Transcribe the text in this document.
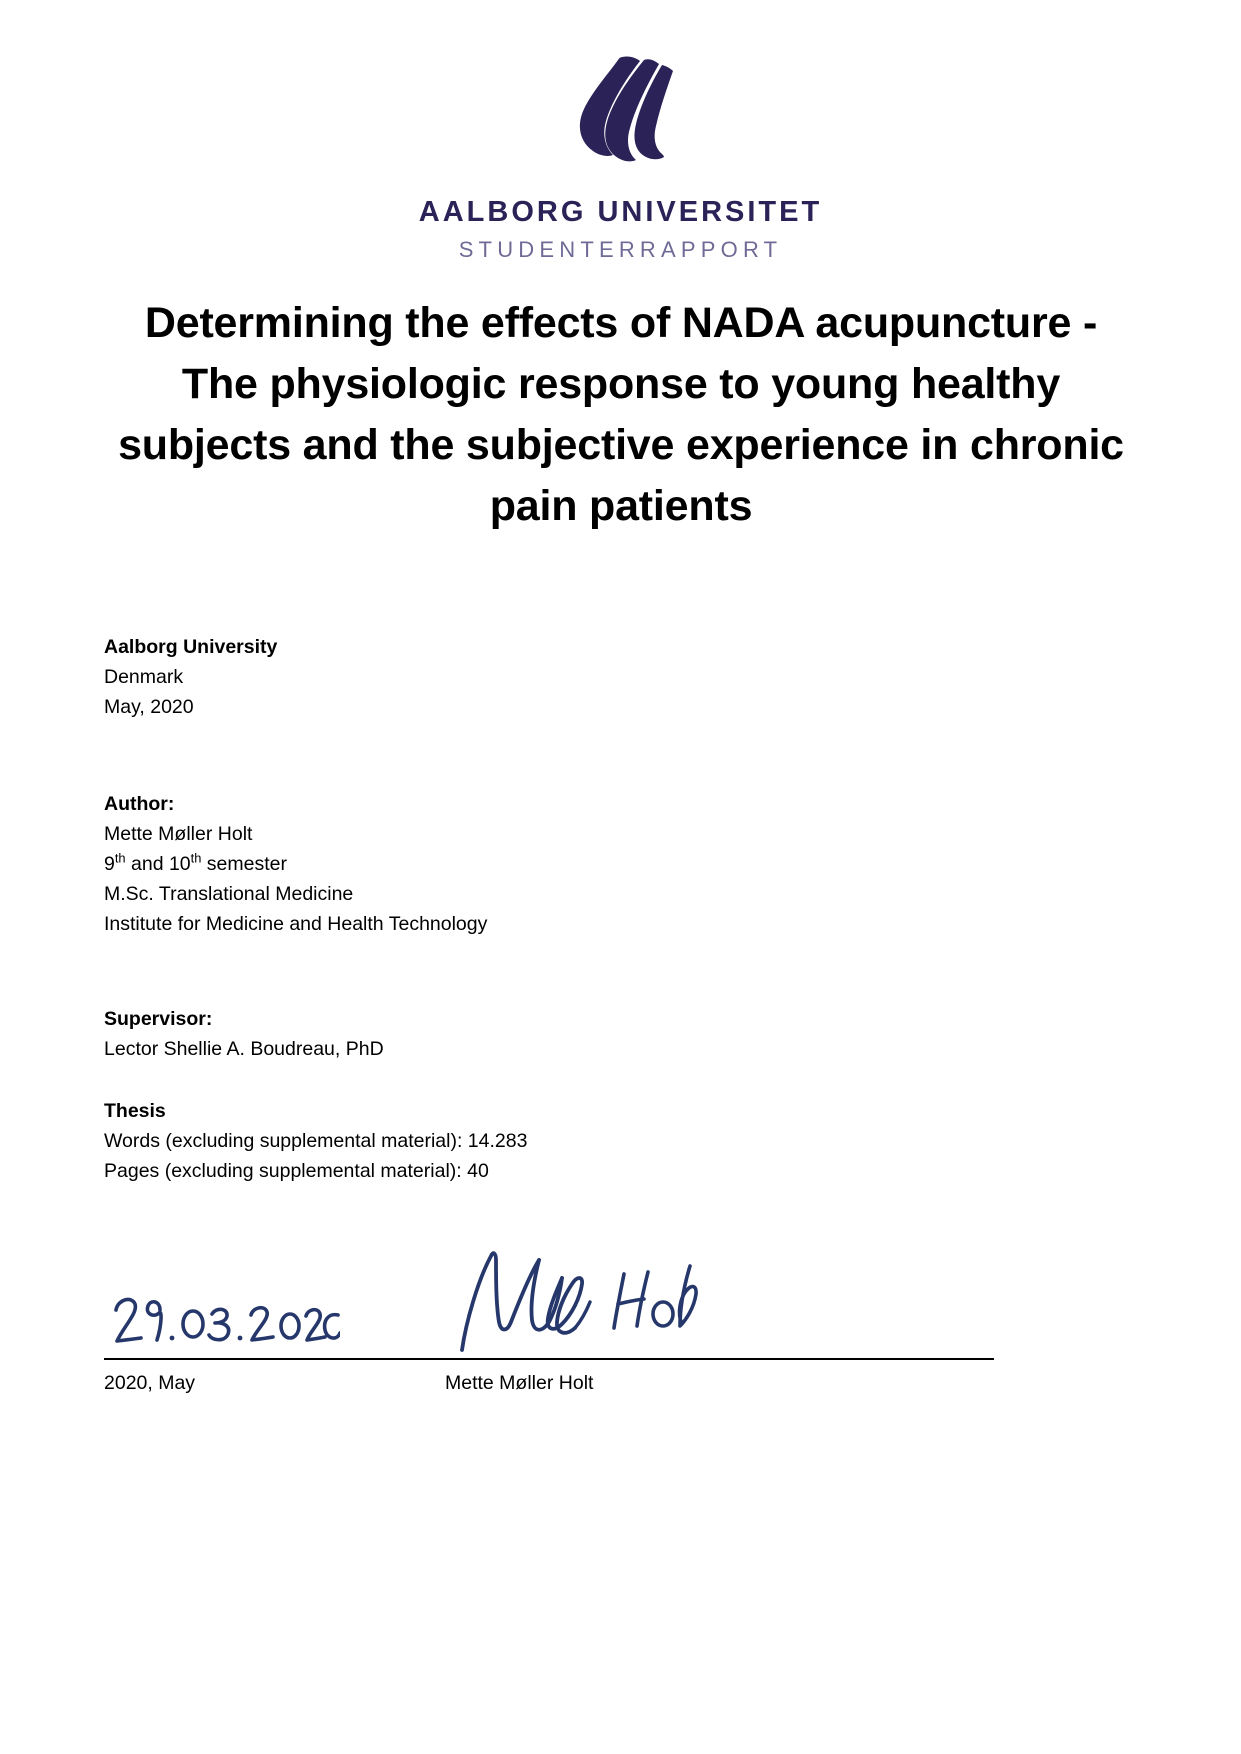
AALBORG UNIVERSITET
STUDENTERRAPPORT
Determining the effects of NADA acupuncture - The physiologic response to young healthy subjects and the subjective experience in chronic pain patients
Aalborg University
Denmark
May, 2020
Author:
Mette Møller Holt
9th and 10th semester
M.Sc. Translational Medicine
Institute for Medicine and Health Technology
Supervisor:
Lector Shellie A. Boudreau, PhD
Thesis
Words (excluding supplemental material): 14.283
Pages (excluding supplemental material): 40
2020, May	Mette Møller Holt
